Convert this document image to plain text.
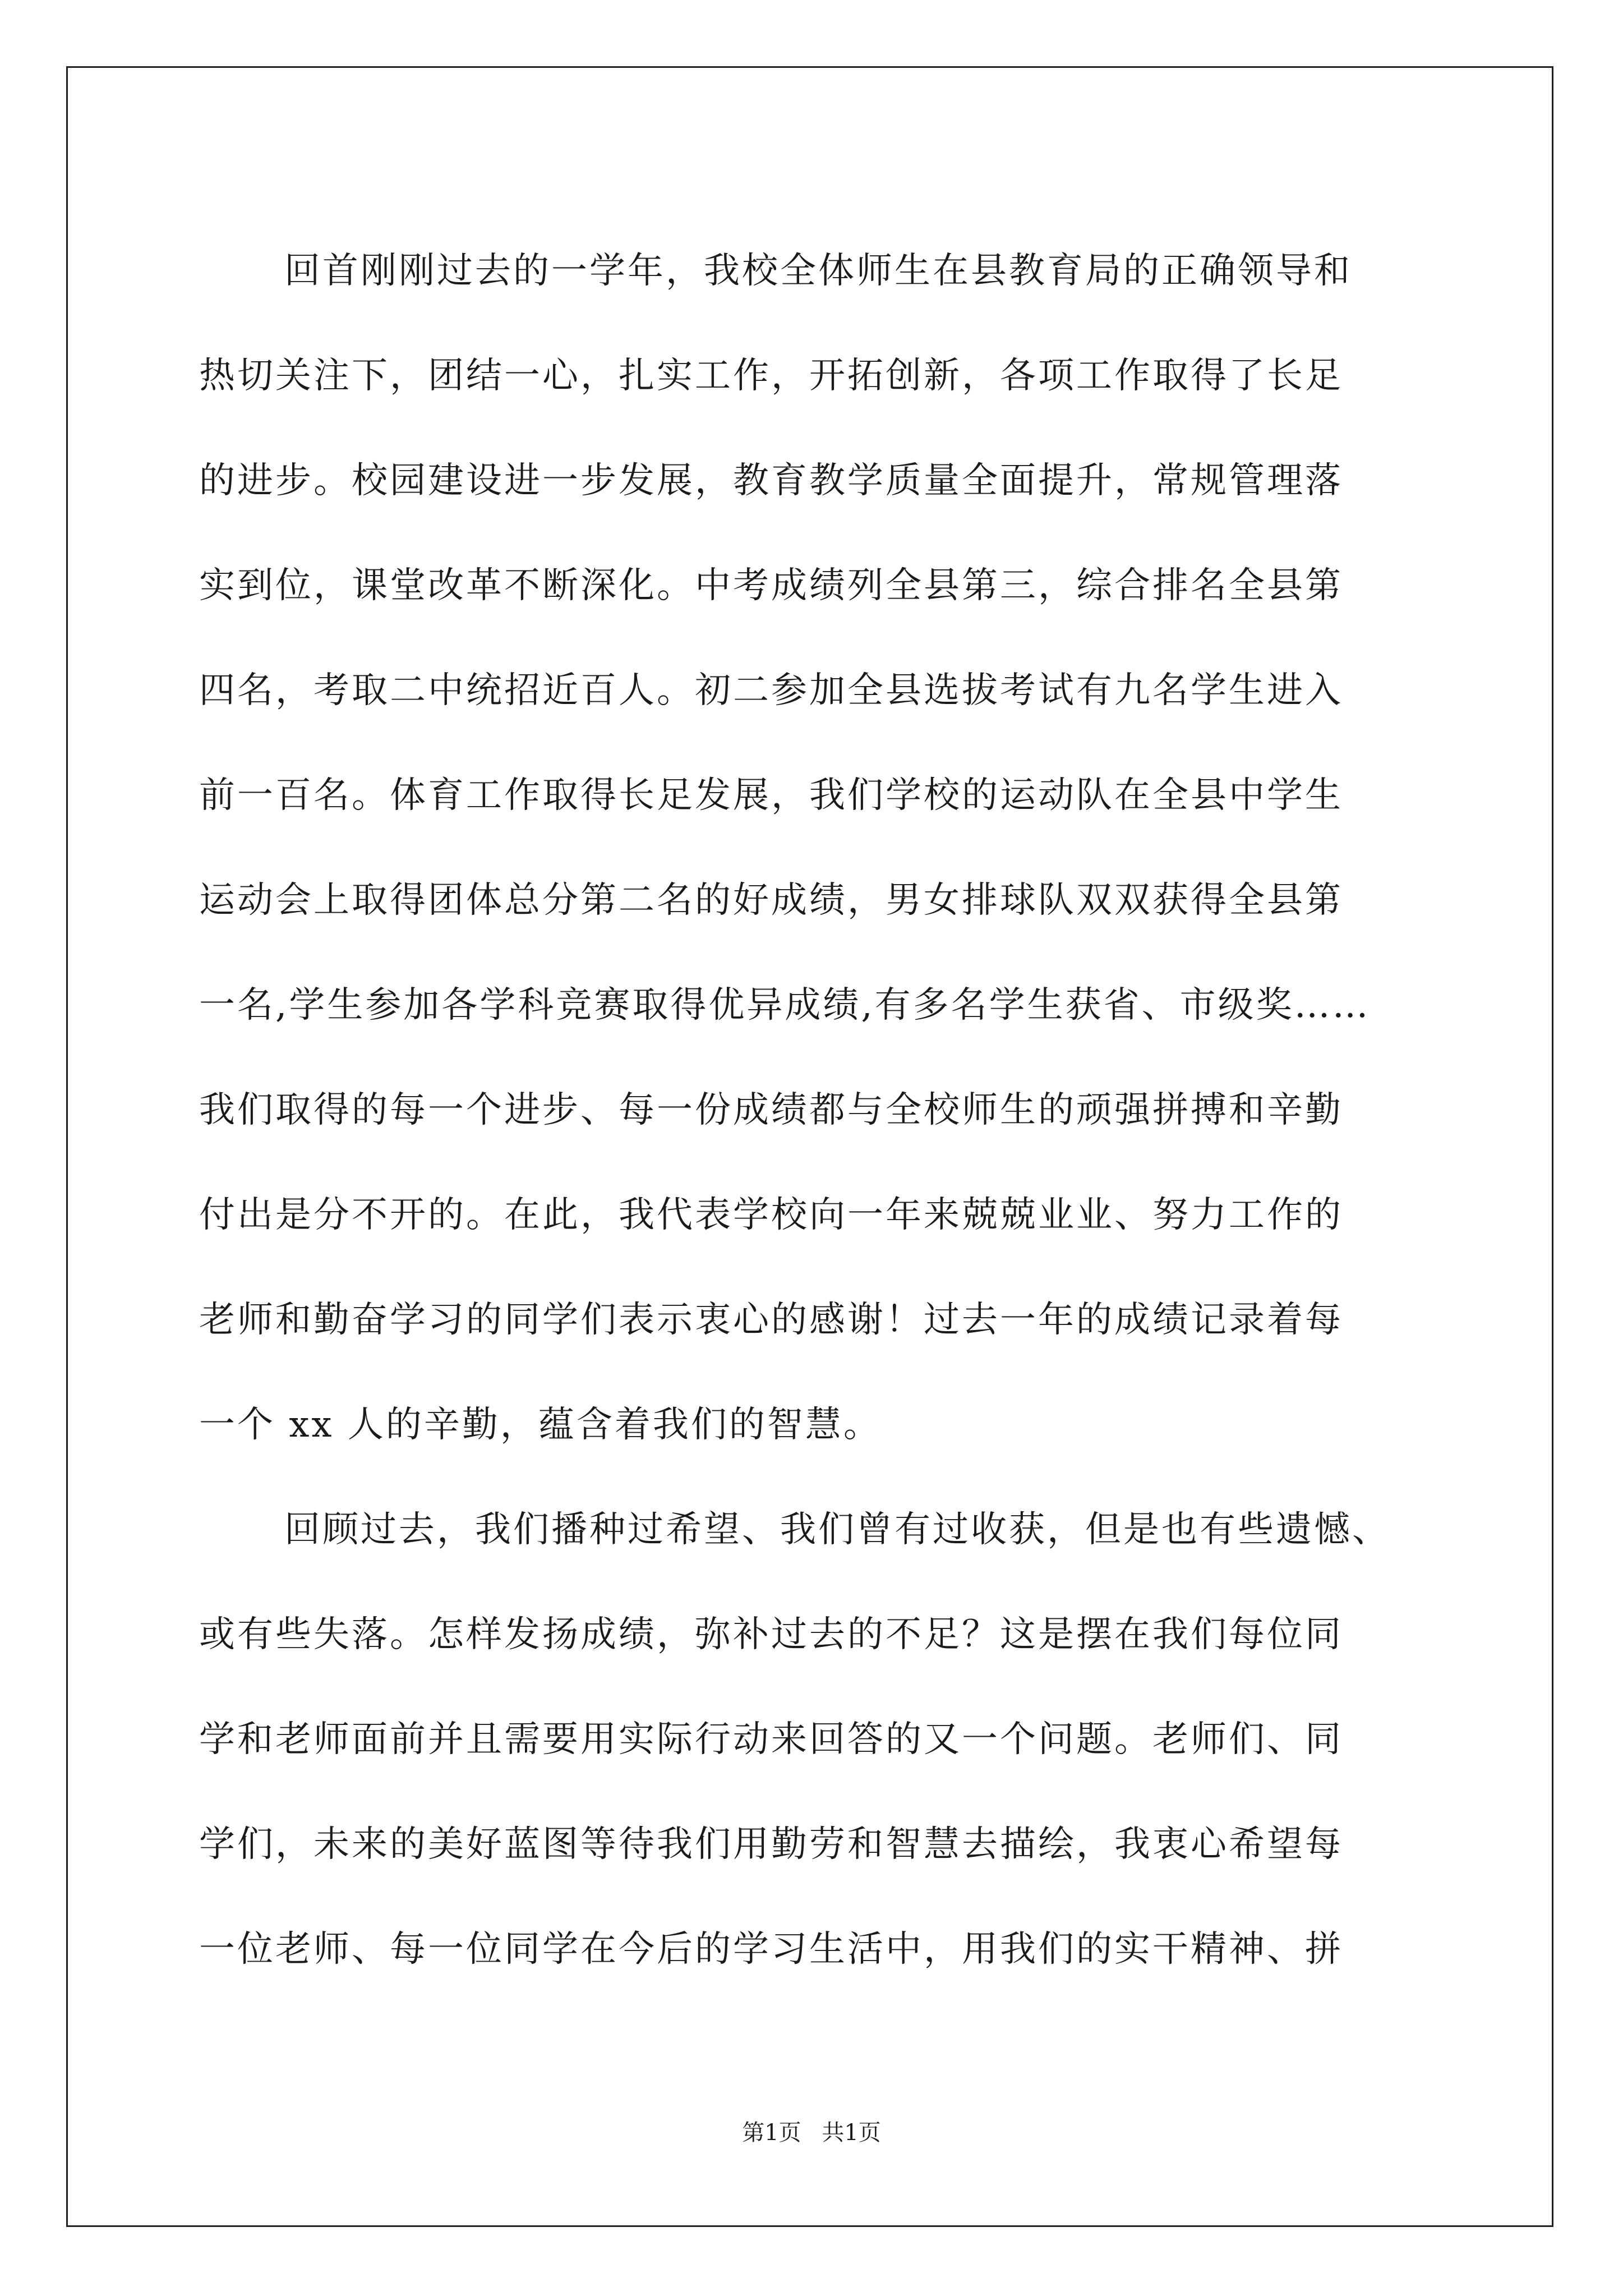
回首刚刚过去的一学年，我校全体师生在县教育局的正确领导和
热切关注下，团结一心，扎实工作，开拓创新，各项工作取得了长足
的进步。校园建设进一步发展，教育教学质量全面提升，常规管理落
实到位，课堂改革不断深化。中考成绩列全县第三，综合排名全县第
四名，考取二中统招近百人。初二参加全县选拔考试有九名学生进入
前一百名。体育工作取得长足发展，我们学校的运动队在全县中学生
运动会上取得团体总分第二名的好成绩，男女排球队双双获得全县第
一名,学生参加各学科竞赛取得优异成绩,有多名学生获省、市级奖……
我们取得的每一个进步、每一份成绩都与全校师生的顽强拼搏和辛勤
付出是分不开的。在此，我代表学校向一年来兢兢业业、努力工作的
老师和勤奋学习的同学们表示衷心的感谢！过去一年的成绩记录着每
一个 xx 人的辛勤，蕴含着我们的智慧。
回顾过去，我们播种过希望、我们曾有过收获，但是也有些遗憾、
或有些失落。怎样发扬成绩，弥补过去的不足？这是摆在我们每位同
学和老师面前并且需要用实际行动来回答的又一个问题。老师们、同
学们，未来的美好蓝图等待我们用勤劳和智慧去描绘，我衷心希望每
一位老师、每一位同学在今后的学习生活中，用我们的实干精神、拼
第1页 共1页
